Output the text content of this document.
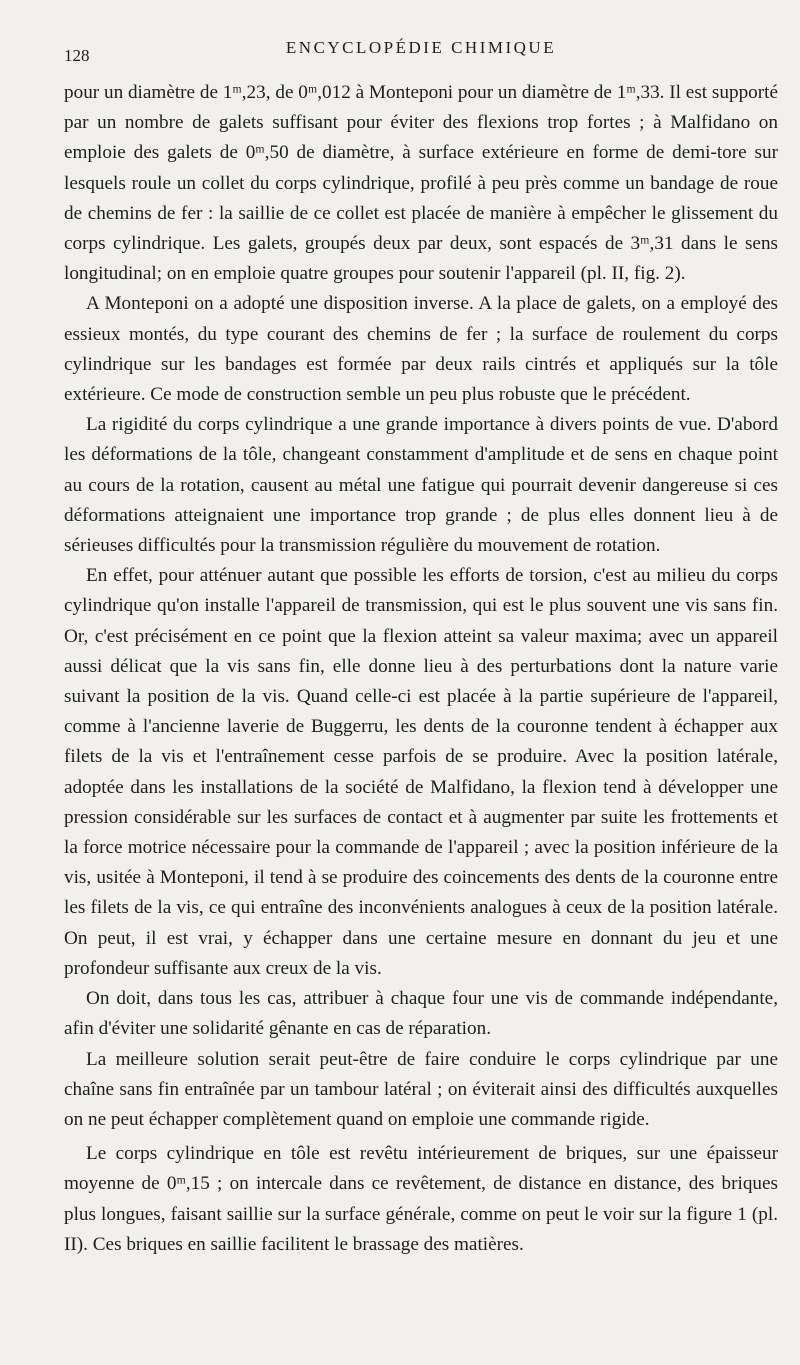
128	ENCYCLOPÉDIE CHIMIQUE

pour un diamètre de 1ᵐ,23, de 0ᵐ,012 à Monteponi pour un diamètre de 1ᵐ,33. Il est supporté par un nombre de galets suffisant pour éviter des flexions trop fortes ; à Malfidano on emploie des galets de 0ᵐ,50 de diamètre, à surface extérieure en forme de demi-tore sur lesquels roule un collet du corps cylindrique, profilé à peu près comme un bandage de roue de chemins de fer : la saillie de ce collet est placée de manière à empêcher le glissement du corps cylindrique. Les galets, groupés deux par deux, sont espacés de 3ᵐ,31 dans le sens longitudinal; on en emploie quatre groupes pour soutenir l'appareil (pl. II, fig. 2).

A Monteponi on a adopté une disposition inverse. A la place de galets, on a employé des essieux montés, du type courant des chemins de fer ; la surface de roulement du corps cylindrique sur les bandages est formée par deux rails cintrés et appliqués sur la tôle extérieure. Ce mode de construction semble un peu plus robuste que le précédent.

La rigidité du corps cylindrique a une grande importance à divers points de vue. D'abord les déformations de la tôle, changeant constamment d'amplitude et de sens en chaque point au cours de la rotation, causent au métal une fatigue qui pourrait devenir dangereuse si ces déformations atteignaient une importance trop grande ; de plus elles donnent lieu à de sérieuses difficultés pour la transmission régulière du mouvement de rotation.

En effet, pour atténuer autant que possible les efforts de torsion, c'est au milieu du corps cylindrique qu'on installe l'appareil de transmission, qui est le plus souvent une vis sans fin. Or, c'est précisément en ce point que la flexion atteint sa valeur maxima; avec un appareil aussi délicat que la vis sans fin, elle donne lieu à des perturbations dont la nature varie suivant la position de la vis. Quand celle-ci est placée à la partie supérieure de l'appareil, comme à l'ancienne laverie de Buggerru, les dents de la couronne tendent à échapper aux filets de la vis et l'entraînement cesse parfois de se produire. Avec la position latérale, adoptée dans les installations de la société de Malfidano, la flexion tend à développer une pression considérable sur les surfaces de contact et à augmenter par suite les frottements et la force motrice nécessaire pour la commande de l'appareil ; avec la position inférieure de la vis, usitée à Monteponi, il tend à se produire des coincements des dents de la couronne entre les filets de la vis, ce qui entraîne des inconvénients analogues à ceux de la position latérale. On peut, il est vrai, y échapper dans une certaine mesure en donnant du jeu et une profondeur suffisante aux creux de la vis.

On doit, dans tous les cas, attribuer à chaque four une vis de commande indépendante, afin d'éviter une solidarité gênante en cas de réparation.

La meilleure solution serait peut-être de faire conduire le corps cylindrique par une chaîne sans fin entraînée par un tambour latéral ; on éviterait ainsi des difficultés auxquelles on ne peut échapper complètement quand on emploie une commande rigide.

Le corps cylindrique en tôle est revêtu intérieurement de briques, sur une épaisseur moyenne de 0ᵐ,15 ; on intercale dans ce revêtement, de distance en distance, des briques plus longues, faisant saillie sur la surface générale, comme on peut le voir sur la figure 1 (pl. II). Ces briques en saillie facilitent le brassage des matières.
